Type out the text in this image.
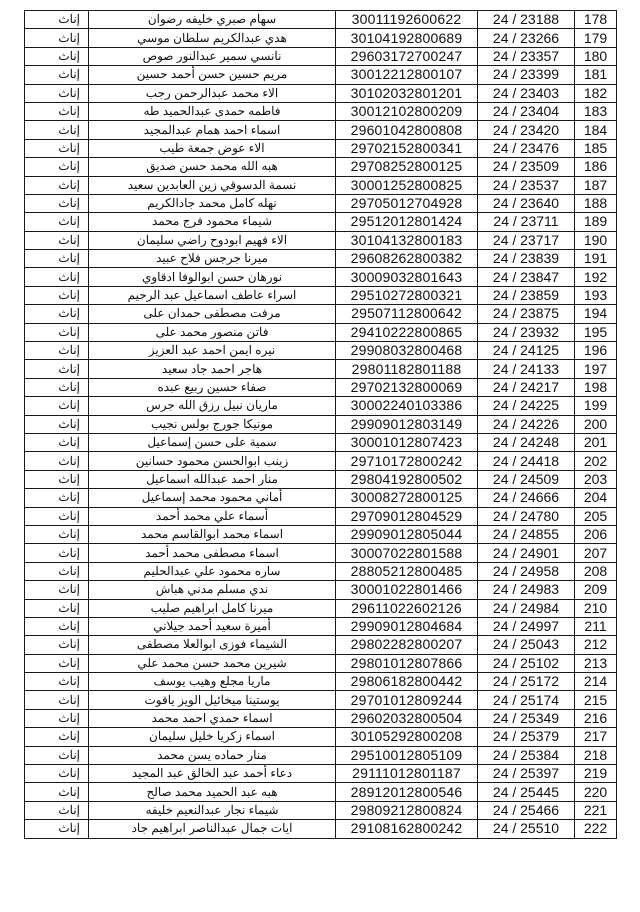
إناث	سهام صبري خليفه رضوان	30011192600622	24 / 23188	178
إناث	هدي عبدالكريم سلطان موسي	30104192800689	24 / 23266	179
إناث	نانسي سمير عبدالنور صوص	29603172700247	24 / 23357	180
إناث	مريم حسين حسن أحمد حسين	30012212800107	24 / 23399	181
إناث	الاء محمد عبدالرحمن رجب	30102032801201	24 / 23403	182
إناث	فاطمه حمدى عبدالحميد طه	30012102800209	24 / 23404	183
إناث	اسماء احمد همام عبدالمجيد	29601042800808	24 / 23420	184
إناث	الاء عوض جمعة طيب	29702152800341	24 / 23476	185
إناث	هبه الله محمد حسن صديق	29708252800125	24 / 23509	186
إناث	نسمة الدسوقي زين العابدين سعيد	30001252800825	24 / 23537	187
إناث	نهله كامل محمد جادالكريم	29705012704928	24 / 23640	188
إناث	شيماء محمود فرج محمد	29512012801424	24 / 23711	189
إناث	الاء فهيم ابودوح راضي سليمان	30104132800183	24 / 23717	190
إناث	ميرنا جرجس فلاح عبيد	29608262800382	24 / 23839	191
إناث	نورهان حسن ابوالوفا ادقاوي	30009032801643	24 / 23847	192
إناث	اسراء عاطف اسماعيل عبد الرحيم	29510272800321	24 / 23859	193
إناث	مرفت مصطفى حمدان على	29507112800642	24 / 23875	194
إناث	فاتن منصور محمد على	29410222800865	24 / 23932	195
إناث	نيره ايمن احمد عبد العزيز	29908032800468	24 / 24125	196
إناث	هاجر احمد جاد سعيد	29801182801188	24 / 24133	197
إناث	صفاء حسين ربيع عبده	29702132800069	24 / 24217	198
إناث	ماريان نبيل رزق الله جرس	30002240103386	24 / 24225	199
إناث	مونيكا جورج بولس نجيب	29909012803149	24 / 24226	200
إناث	سمية على حسن إسماعيل	30001012807423	24 / 24248	201
إناث	زينب ابوالحسن محمود حسانين	29710172800242	24 / 24418	202
إناث	منار احمد عبدالله اسماعيل	29804192800502	24 / 24509	203
إناث	أماني محمود محمد إسماعيل	30008272800125	24 / 24666	204
إناث	أسماء علي محمد أحمد	29709012804529	24 / 24780	205
إناث	اسماء محمد ابوالقاسم محمد	29909012805044	24 / 24855	206
إناث	اسماء مصطفى محمد أحمد	30007022801588	24 / 24901	207
إناث	ساره محمود علي عبدالحليم	28805212800485	24 / 24958	208
إناث	ندي مسلم مدني هباش	30001022801466	24 / 24983	209
إناث	ميرنا كامل ابراهيم صليب	29611022602126	24 / 24984	210
إناث	أميرة سعيد أحمد جيلاني	29909012804684	24 / 24997	211
إناث	الشيماء فوزى ابوالعلا مصطفى	29802282800207	24 / 25043	212
إناث	شيرين محمد حسن محمد علي	29801012807866	24 / 25102	213
إناث	ماريا مجلع وهيب يوسف	29806182800442	24 / 25172	214
إناث	يوستينا ميخائيل الويز ياقوت	29701012809244	24 / 25174	215
إناث	اسماء حمدي احمد محمد	29602032800504	24 / 25349	216
إناث	اسماء زكريا خليل سليمان	30105292800208	24 / 25379	217
إناث	منار حماده يسن محمد	29510012805109	24 / 25384	218
إناث	دعاء أحمد عبد الخالق عبد المجيد	29111012801187	24 / 25397	219
إناث	هبه عبد الحميد محمد صالح	28912012800546	24 / 25445	220
إناث	شيماء نجار عبدالنعيم خليفه	29809212800824	24 / 25466	221
إناث	ايات جمال عبدالناصر ابراهيم جاد	29108162800242	24 / 25510	222
